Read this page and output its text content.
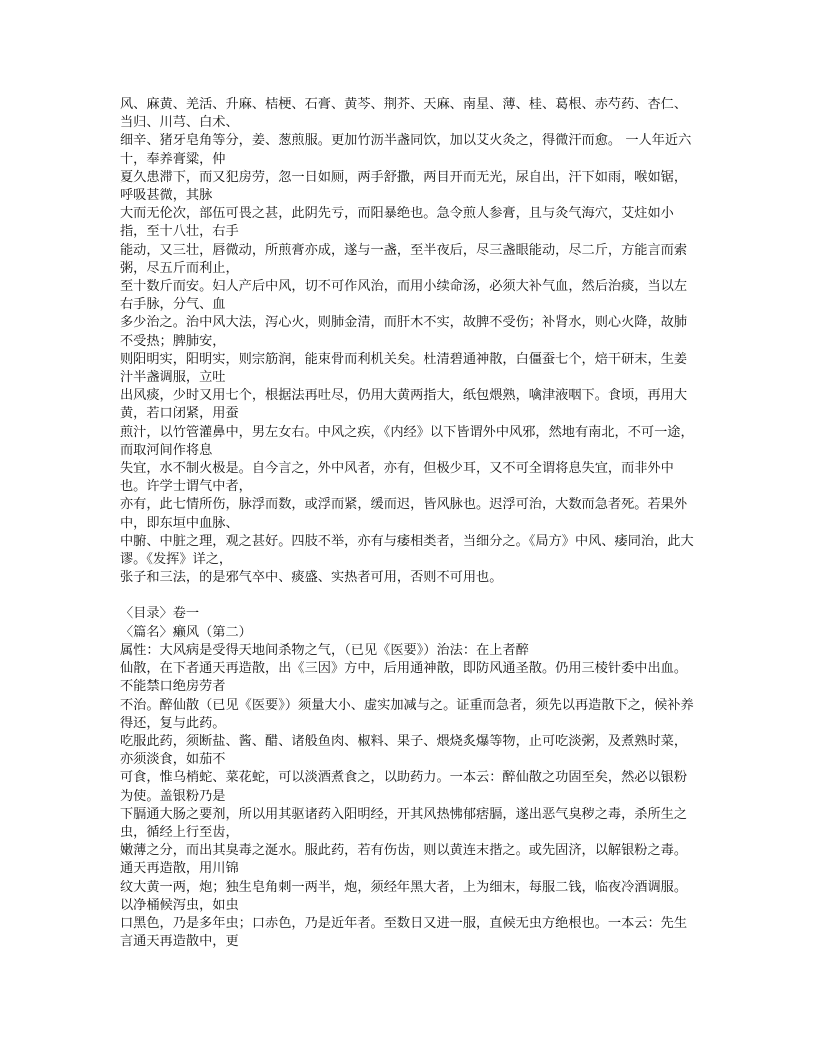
风、麻黄、羌活、升麻、桔梗、石膏、黄芩、荆芥、天麻、南星、薄、桂、葛根、赤芍药、杏仁、当归、川芎、白术、

细辛、猪牙皂角等分，姜、葱煎服。更加竹沥半盏同饮，加以艾火灸之，得微汗而愈。 一人年近六十，奉养膏粱，仲

夏久患滞下，而又犯房劳，忽一日如厕，两手舒撒，两目开而无光，尿自出，汗下如雨，喉如锯，呼吸甚微，其脉

大而无伦次，部伍可畏之甚，此阴先亏，而阳暴绝也。急令煎人参膏，且与灸气海穴，艾炷如小指，至十八壮，右手

能动，又三壮，唇微动，所煎膏亦成，遂与一盏，至半夜后，尽三盏眼能动，尽二斤，方能言而索粥，尽五斤而利止，

至十数斤而安。妇人产后中风，切不可作风治，而用小续命汤，必须大补气血，然后治痰，当以左右手脉，分气、血

多少治之。治中风大法，泻心火，则肺金清，而肝木不实，故脾不受伤；补肾水，则心火降，故肺不受热；脾肺安，

则阳明实，阳明实，则宗筋润，能束骨而利机关矣。杜清碧通神散，白僵蚕七个，焙干研末，生姜汁半盏调服，立吐

出风痰，少时又用七个，根据法再吐尽，仍用大黄两指大，纸包煨熟，噙津液咽下。食顷，再用大黄，若口闭紧，用蚕

煎汁，以竹管灌鼻中，男左女右。中风之疾，《内经》以下皆谓外中风邪，然地有南北，不可一途，而取河间作将息

失宜，水不制火极是。自今言之，外中风者，亦有，但极少耳，又不可全谓将息失宜，而非外中也。许学士谓气中者，

亦有，此七情所伤，脉浮而数，或浮而紧，缓而迟，皆风脉也。迟浮可治，大数而急者死。若果外中，即东垣中血脉、

中腑、中脏之理，观之甚好。四肢不举，亦有与痿相类者，当细分之。《局方》中风、痿同治，此大谬。《发挥》详之，

张子和三法，的是邪气卒中、痰盛、实热者可用，否则不可用也。

〈目录〉卷一

〈篇名〉癞风（第二）

属性：大风病是受得天地间杀物之气，（已见《医要》）治法：在上者醉

仙散，在下者通天再造散，出《三因》方中，后用通神散，即防风通圣散。仍用三棱针委中出血。不能禁口绝房劳者

不治。醉仙散（已见《医要》）须量大小、虚实加减与之。证重而急者，须先以再造散下之，候补养得还，复与此药。

吃服此药，须断盐、酱、醋、诸般鱼肉、椒料、果子、煨烧炙爆等物，止可吃淡粥，及煮熟时菜，亦须淡食，如茄不

可食，惟乌梢蛇、菜花蛇，可以淡酒煮食之，以助药力。一本云：醉仙散之功固至矣，然必以银粉为使。盖银粉乃是

下膈通大肠之要剂，所以用其驱诸药入阳明经，开其风热怫郁痞膈，遂出恶气臭秽之毒，杀所生之虫，循经上行至齿，

嫩薄之分，而出其臭毒之涎水。服此药，若有伤齿，则以黄连末揩之。或先固济，以解银粉之毒。通天再造散，用川锦

纹大黄一两，炮；独生皂角刺一两半，炮，须经年黑大者，上为细末，每服二钱，临夜冷酒调服。以净桶候泻虫，如虫

口黑色，乃是多年虫；口赤色，乃是近年者。至数日又进一服，直候无虫方绝根也。一本云：先生言通天再造散中，更
